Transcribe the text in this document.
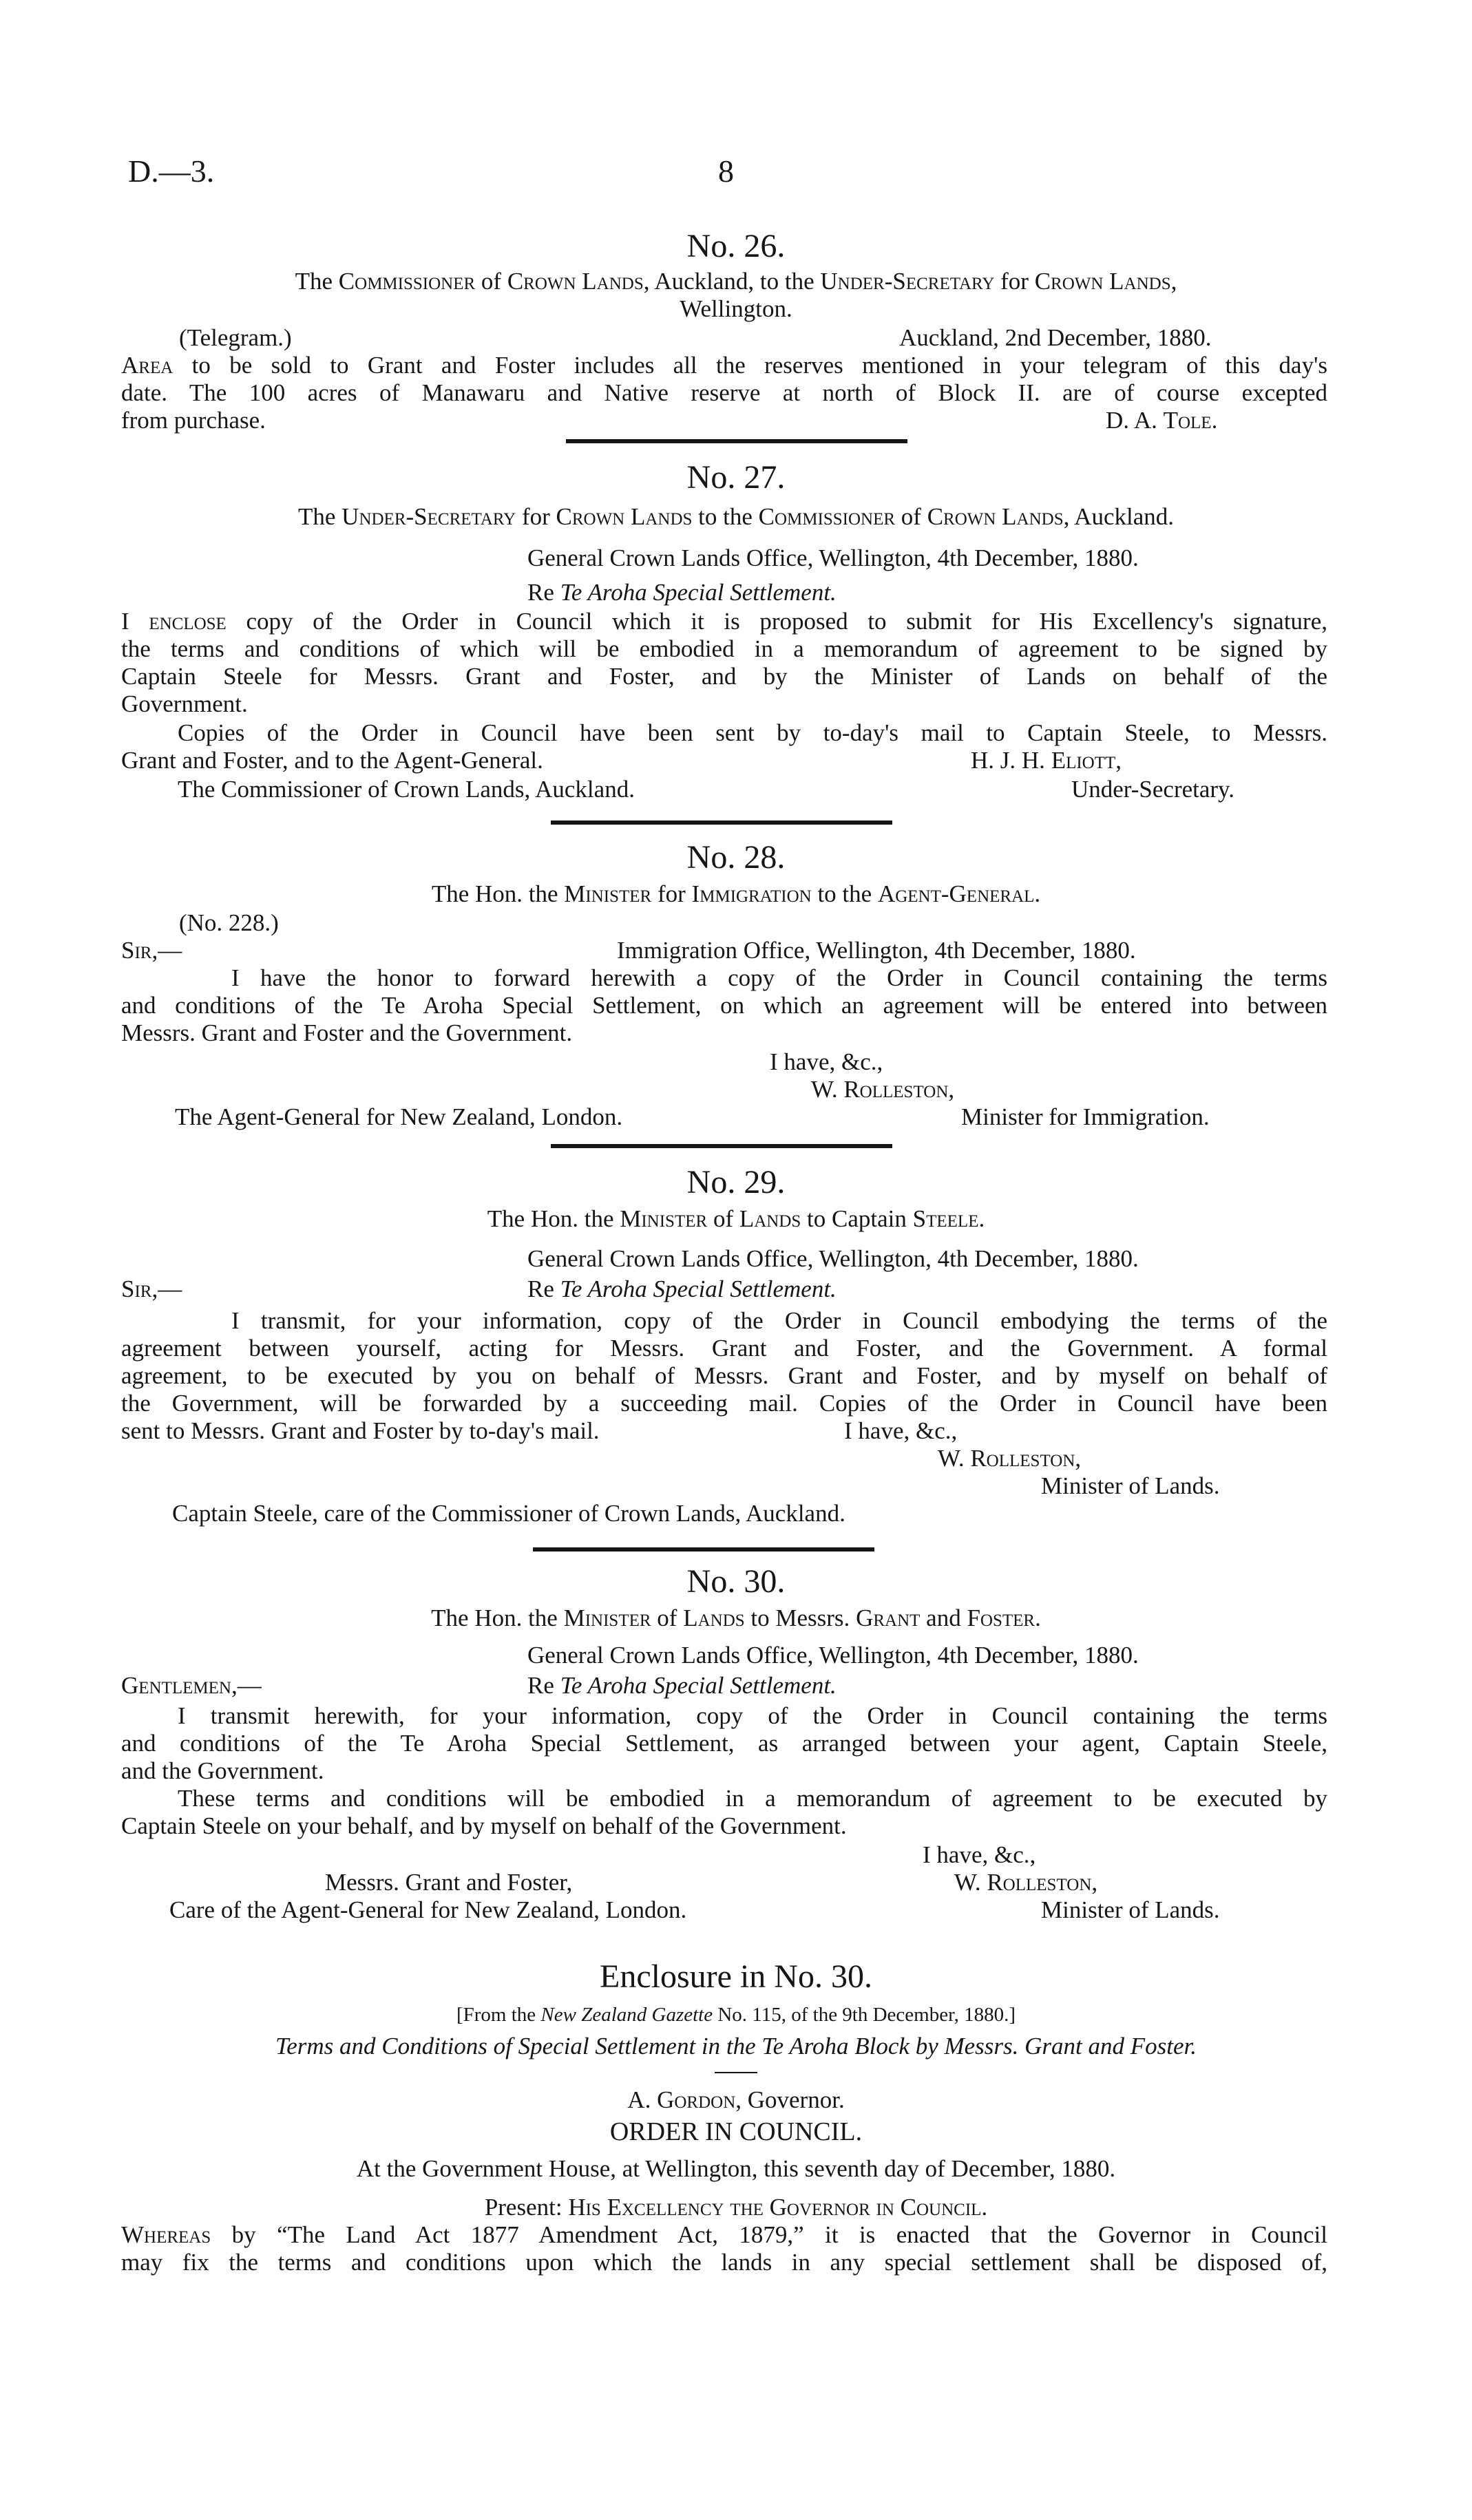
D.—3.	8
No. 26.
The Commissioner of Crown Lands, Auckland, to the Under-Secretary for Crown Lands,
Wellington.
(Telegram.)	Auckland, 2nd December, 1880.
Area to be sold to Grant and Foster includes all the reserves mentioned in your telegram of this day's
date. The 100 acres of Manawaru and Native reserve at north of Block II. are of course excepted
from purchase.	D. A. Tole.
No. 27.
The Under-Secretary for Crown Lands to the Commissioner of Crown Lands, Auckland.
General Crown Lands Office, Wellington, 4th December, 1880.
Re Te Aroha Special Settlement.
I enclose copy of the Order in Council which it is proposed to submit for His Excellency's signature,
the terms and conditions of which will be embodied in a memorandum of agreement to be signed by
Captain Steele for Messrs. Grant and Foster, and by the Minister of Lands on behalf of the
Government.
Copies of the Order in Council have been sent by to-day's mail to Captain Steele, to Messrs.
Grant and Foster, and to the Agent-General.	H. J. H. Eliott,
The Commissioner of Crown Lands, Auckland.	Under-Secretary.
No. 28.
The Hon. the Minister for Immigration to the Agent-General.
(No. 228.)
Sir,—	Immigration Office, Wellington, 4th December, 1880.
I have the honor to forward herewith a copy of the Order in Council containing the terms
and conditions of the Te Aroha Special Settlement, on which an agreement will be entered into between
Messrs. Grant and Foster and the Government.
I have, &c.,
W. Rolleston,
The Agent-General for New Zealand, London.	Minister for Immigration.
No. 29.
The Hon. the Minister of Lands to Captain Steele.
General Crown Lands Office, Wellington, 4th December, 1880.
Sir,—	Re Te Aroha Special Settlement.
I transmit, for your information, copy of the Order in Council embodying the terms of the
agreement between yourself, acting for Messrs. Grant and Foster, and the Government. A formal
agreement, to be executed by you on behalf of Messrs. Grant and Foster, and by myself on behalf of
the Government, will be forwarded by a succeeding mail. Copies of the Order in Council have been
sent to Messrs. Grant and Foster by to-day's mail.	I have, &c.,
W. Rolleston,
Minister of Lands.
Captain Steele, care of the Commissioner of Crown Lands, Auckland.
No. 30.
The Hon. the Minister of Lands to Messrs. Grant and Foster.
General Crown Lands Office, Wellington, 4th December, 1880.
Gentlemen,—	Re Te Aroha Special Settlement.
I transmit herewith, for your information, copy of the Order in Council containing the terms
and conditions of the Te Aroha Special Settlement, as arranged between your agent, Captain Steele,
and the Government.
These terms and conditions will be embodied in a memorandum of agreement to be executed by
Captain Steele on your behalf, and by myself on behalf of the Government.
I have, &c.,
Messrs. Grant and Foster,	W. Rolleston,
Care of the Agent-General for New Zealand, London.	Minister of Lands.
Enclosure in No. 30.
[From the New Zealand Gazette No. 115, of the 9th December, 1880.]
Terms and Conditions of Special Settlement in the Te Aroha Block by Messrs. Grant and Foster.
A. Gordon, Governor.
ORDER IN COUNCIL.
At the Government House, at Wellington, this seventh day of December, 1880.
Present: His Excellency the Governor in Council.
Whereas by “The Land Act 1877 Amendment Act, 1879,” it is enacted that the Governor in Council
may fix the terms and conditions upon which the lands in any special settlement shall be disposed of,
